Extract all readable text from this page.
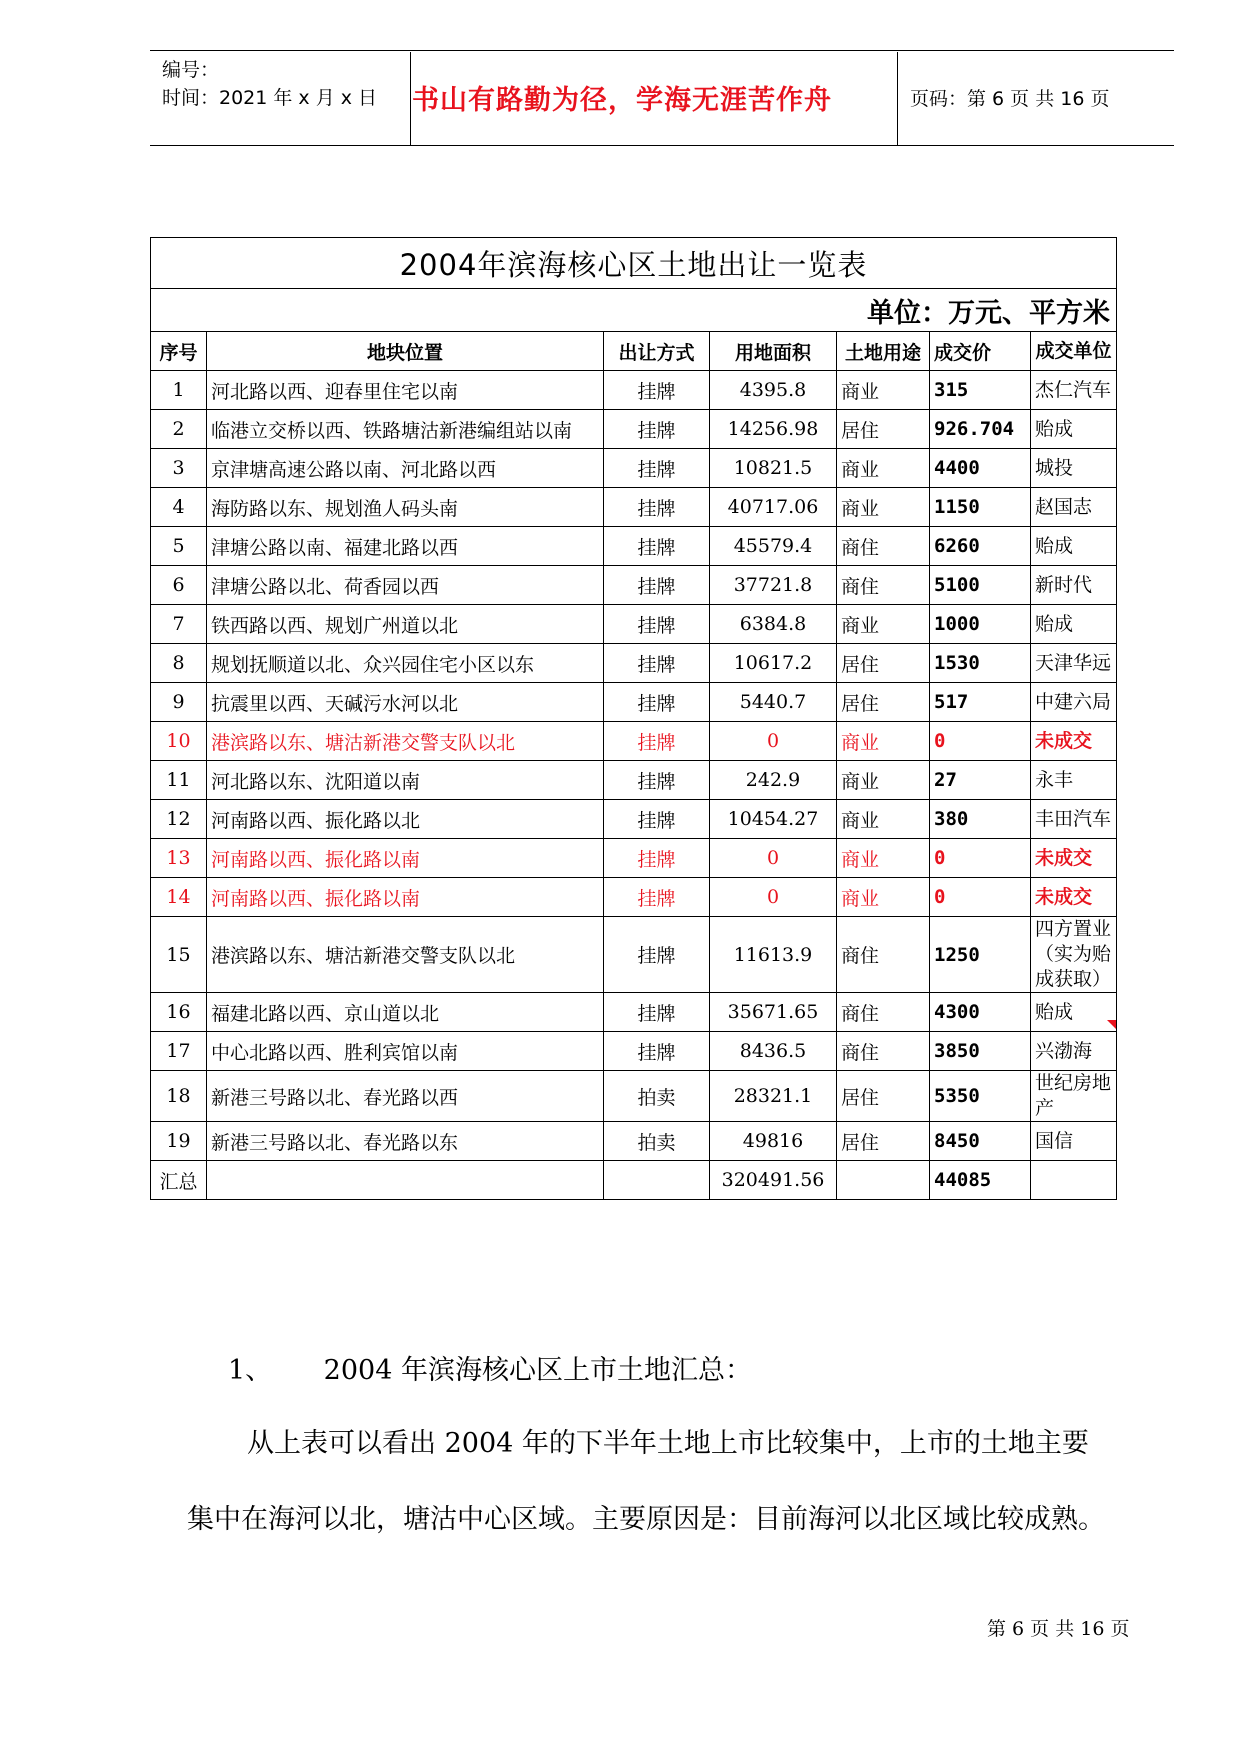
编号：
时间：2021 年 x 月 x 日 书山有路勤为径，学海无涯苦作舟	页码：第 6 页 共 16 页
2004年滨海核心区土地出让一览表						
单位：万元、平方米						
序号	地块位置	出让方式	用地面积	土地用途	成交价	成交单位
1	河北路以西、迎春里住宅以南	挂牌	4395.8	商业	315	杰仁汽车
2	临港立交桥以西、铁路塘沽新港编组站以南	挂牌	14256.98	居住	926.704	贻成
3	京津塘高速公路以南、河北路以西	挂牌	10821.5	商业	4400	城投
4	海防路以东、规划渔人码头南	挂牌	40717.06	商业	1150	赵国志
5	津塘公路以南、福建北路以西	挂牌	45579.4	商住	6260	贻成
6	津塘公路以北、荷香园以西	挂牌	37721.8	商住	5100	新时代
7	铁西路以西、规划广州道以北	挂牌	6384.8	商业	1000	贻成
8	规划抚顺道以北、众兴园住宅小区以东	挂牌	10617.2	居住	1530	天津华远
9	抗震里以西、天碱污水河以北	挂牌	5440.7	居住	517	中建六局
10	港滨路以东、塘沽新港交警支队以北	挂牌	0	商业	0	未成交
11	河北路以东、沈阳道以南	挂牌	242.9	商业	27	永丰
12	河南路以西、振化路以北	挂牌	10454.27	商业	380	丰田汽车
13	河南路以西、振化路以南	挂牌	0	商业	0	未成交
14	河南路以西、振化路以南	挂牌	0	商业	0	未成交
15	港滨路以东、塘沽新港交警支队以北	挂牌	11613.9	商住	1250	四方置业（实为贻成获取）
16	福建北路以西、京山道以北	挂牌	35671.65	商住	4300	贻成
17	中心北路以西、胜利宾馆以南	挂牌	8436.5	商住	3850	兴渤海
18	新港三号路以北、春光路以西	拍卖	28321.1	居住	5350	世纪房地产
19	新港三号路以北、春光路以东	拍卖	49816	居住	8450	国信
汇总			320491.56		44085	
1、      2004 年滨海核心区上市土地汇总：
从上表可以看出 2004 年的下半年土地上市比较集中，上市的土地主要
集中在海河以北，塘沽中心区域。主要原因是：目前海河以北区域比较成熟。
第 6 页 共 16 页
